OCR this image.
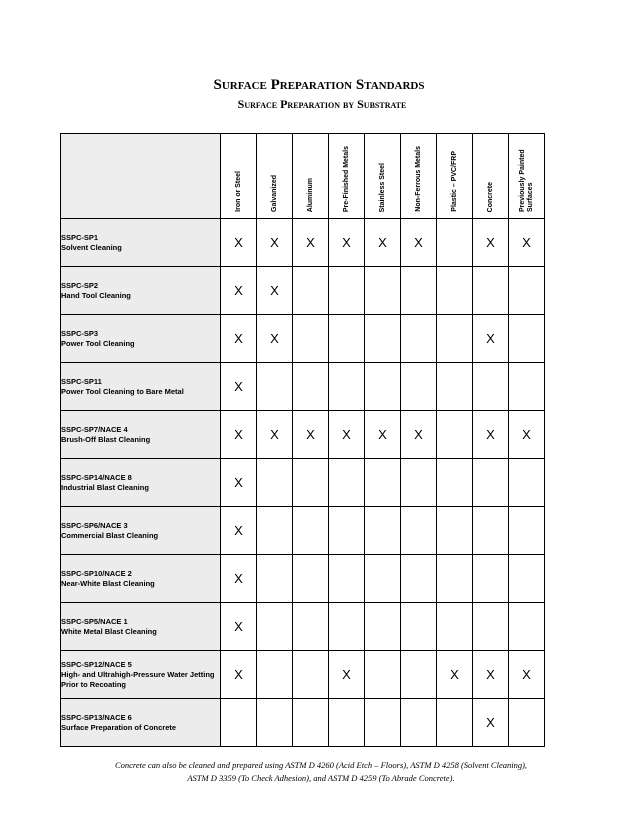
Surface Preparation Standards
Surface Preparation by Substrate

	Iron or Steel	Galvanized	Aluminum	Pre-Finished Metals	Stainless Steel	Non-Ferrous Metals	Plastic – PVC/FRP	Concrete	Previously Painted Surfaces

SSPC-SP1
Solvent Cleaning	X	X	X	X	X	X		X	X

SSPC-SP2
Hand Tool Cleaning	X	X							

SSPC-SP3
Power Tool Cleaning	X	X						X	

SSPC-SP11
Power Tool Cleaning to Bare Metal	X								

SSPC-SP7/NACE 4
Brush-Off Blast Cleaning	X	X	X	X	X	X		X	X

SSPC-SP14/NACE 8
Industrial Blast Cleaning	X								

SSPC-SP6/NACE 3
Commercial Blast Cleaning	X								

SSPC-SP10/NACE 2
Near-White Blast Cleaning	X								

SSPC-SP5/NACE 1
White Metal Blast Cleaning	X								

SSPC-SP12/NACE 5
High- and Ultrahigh-Pressure Water Jetting Prior to Recoating	X			X			X	X	X

SSPC-SP13/NACE 6
Surface Preparation of Concrete								X	
Concrete can also be cleaned and prepared using ASTM D 4260 (Acid Etch – Floors), ASTM D 4258 (Solvent Cleaning),
ASTM D 3359 (To Check Adhesion), and ASTM D 4259 (To Abrade Concrete).
